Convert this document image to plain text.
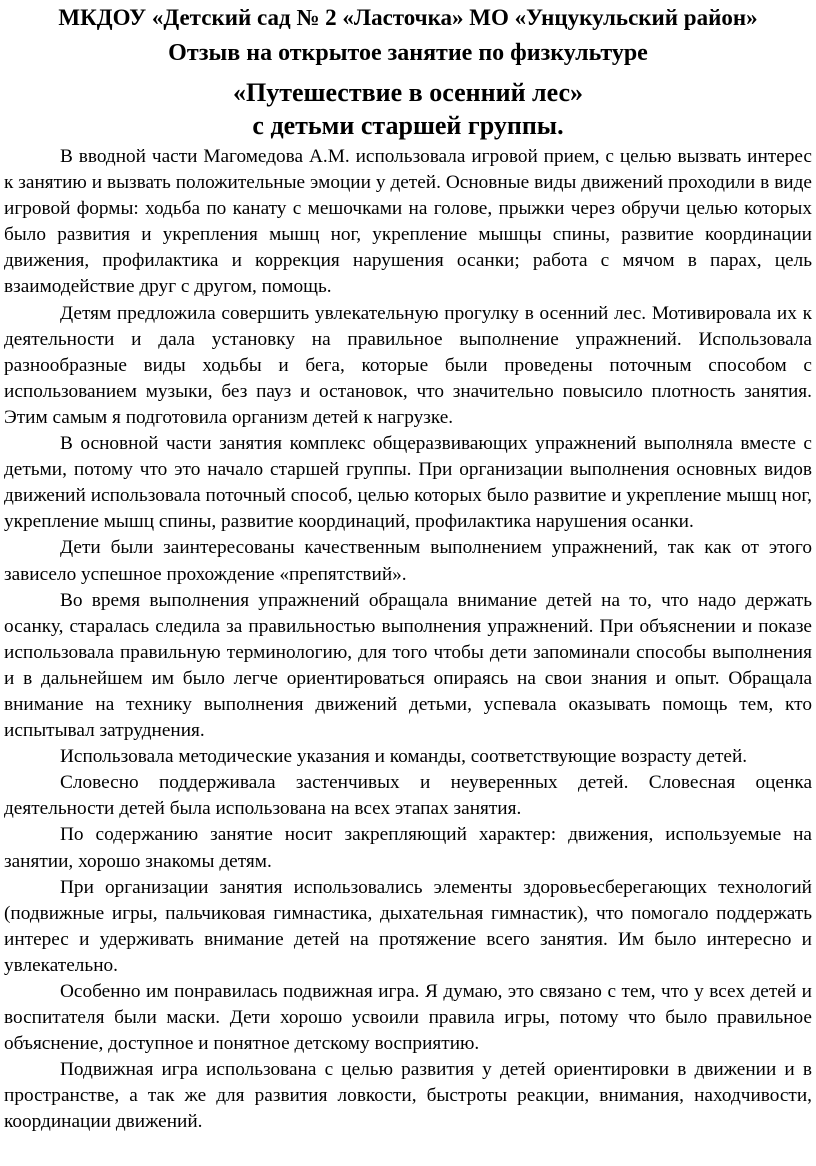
МКДОУ «Детский сад № 2 «Ласточка» МО «Унцукульский район»
Отзыв на открытое занятие по физкультуре
«Путешествие в осенний лес»
с детьми старшей группы.

В вводной части Магомедова А.М. использовала игровой прием, с целью вызвать интерес к занятию и вызвать положительные эмоции у детей. Основные виды движений проходили в виде игровой формы: ходьба по канату с мешочками на голове, прыжки через обручи целью которых было развития и укрепления мышц ног, укрепление мышцы спины, развитие координации движения, профилактика и коррекция нарушения осанки; работа с мячом в парах, цель взаимодействие друг с другом, помощь.

Детям предложила совершить увлекательную прогулку в осенний лес. Мотивировала их к деятельности и дала установку на правильное выполнение упражнений. Использовала разнообразные виды ходьбы и бега, которые были проведены поточным способом с использованием музыки, без пауз и остановок, что значительно повысило плотность занятия. Этим самым я подготовила организм детей к нагрузке.

В основной части занятия комплекс общеразвивающих упражнений выполняла вместе с детьми, потому что это начало старшей группы. При организации выполнения основных видов движений использовала поточный способ, целью которых было развитие и укрепление мышц ног, укрепление мышц спины, развитие координаций, профилактика нарушения осанки.

Дети были заинтересованы качественным выполнением упражнений, так как от этого зависело успешное прохождение «препятствий».

Во время выполнения упражнений обращала внимание детей на то, что надо держать осанку, старалась следила за правильностью выполнения упражнений. При объяснении и показе использовала правильную терминологию, для того чтобы дети запоминали способы выполнения и в дальнейшем им было легче ориентироваться опираясь на свои знания и опыт. Обращала внимание на технику выполнения движений детьми, успевала оказывать помощь тем, кто испытывал затруднения.

Использовала методические указания и команды, соответствующие возрасту детей.

Словесно поддерживала застенчивых и неуверенных детей. Словесная оценка деятельности детей была использована на всех этапах занятия.

По содержанию занятие носит закрепляющий характер: движения, используемые на занятии, хорошо знакомы детям.

При организации занятия использовались элементы здоровьесберегающих технологий (подвижные игры, пальчиковая гимнастика, дыхательная гимнастик), что помогало поддержать интерес и удерживать внимание детей на протяжение всего занятия. Им было интересно и увлекательно.

Особенно им понравилась подвижная игра. Я думаю, это связано с тем, что у всех детей и воспитателя были маски. Дети хорошо усвоили правила игры, потому что было правильное объяснение, доступное и понятное детскому восприятию.

Подвижная игра использована с целью развития у детей ориентировки в движении и в пространстве, а так же для развития ловкости, быстроты реакции, внимания, находчивости, координации движений.
